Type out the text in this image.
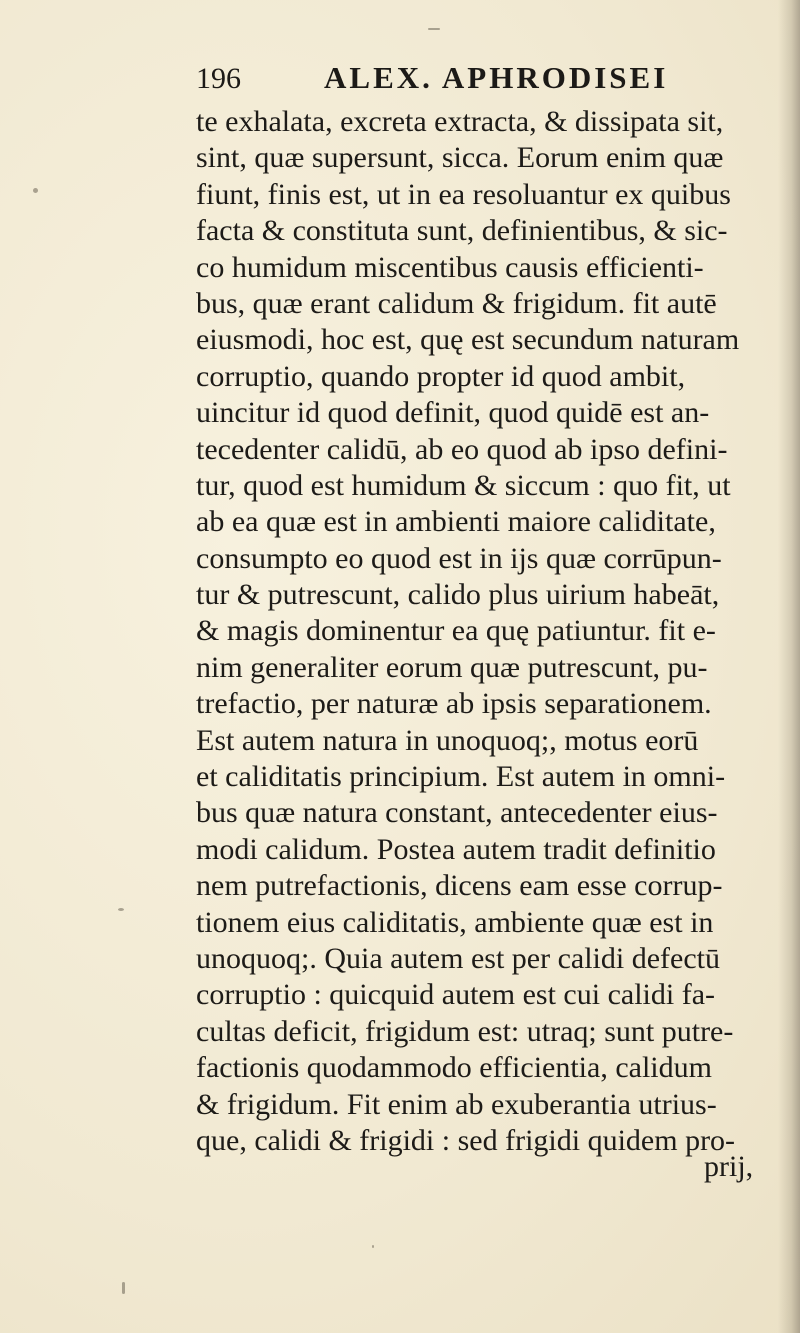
196	ALEX. APHRODISEI
te exhalata, excreta extracta, & dissipata sit,
sint, quæ supersunt, sicca. Eorum enim quæ
fiunt, finis est, ut in ea resoluantur ex quibus
facta & constituta sunt, definientibus, & sic-
co humidum miscentibus causis efficienti-
bus, quæ erant calidum & frigidum. fit autē
eiusmodi, hoc est, quę est secundum naturam
corruptio, quando propter id quod ambit,
uincitur id quod definit, quod quidē est an-
tecedenter calidū, ab eo quod ab ipso defini-
tur, quod est humidum & siccum : quo fit, ut
ab ea quæ est in ambienti maiore caliditate,
consumpto eo quod est in ijs quæ corrūpun-
tur & putrescunt, calido plus uirium habeāt,
& magis dominentur ea quę patiuntur. fit e-
nim generaliter eorum quæ putrescunt, pu-
trefactio, per naturæ ab ipsis separationem.
Est autem natura in unoquoq;, motus eorū
et caliditatis principium. Est autem in omni-
bus quæ natura constant, antecedenter eius-
modi calidum. Postea autem tradit definitio
nem putrefactionis, dicens eam esse corrup-
tionem eius caliditatis, ambiente quæ est in
unoquoq;. Quia autem est per calidi defectū
corruptio : quicquid autem est cui calidi fa-
cultas deficit, frigidum est: utraq; sunt putre-
factionis quodammodo efficientia, calidum
& frigidum. Fit enim ab exuberantia utrius-
que, calidi & frigidi : sed frigidi quidem pro-
prij,
